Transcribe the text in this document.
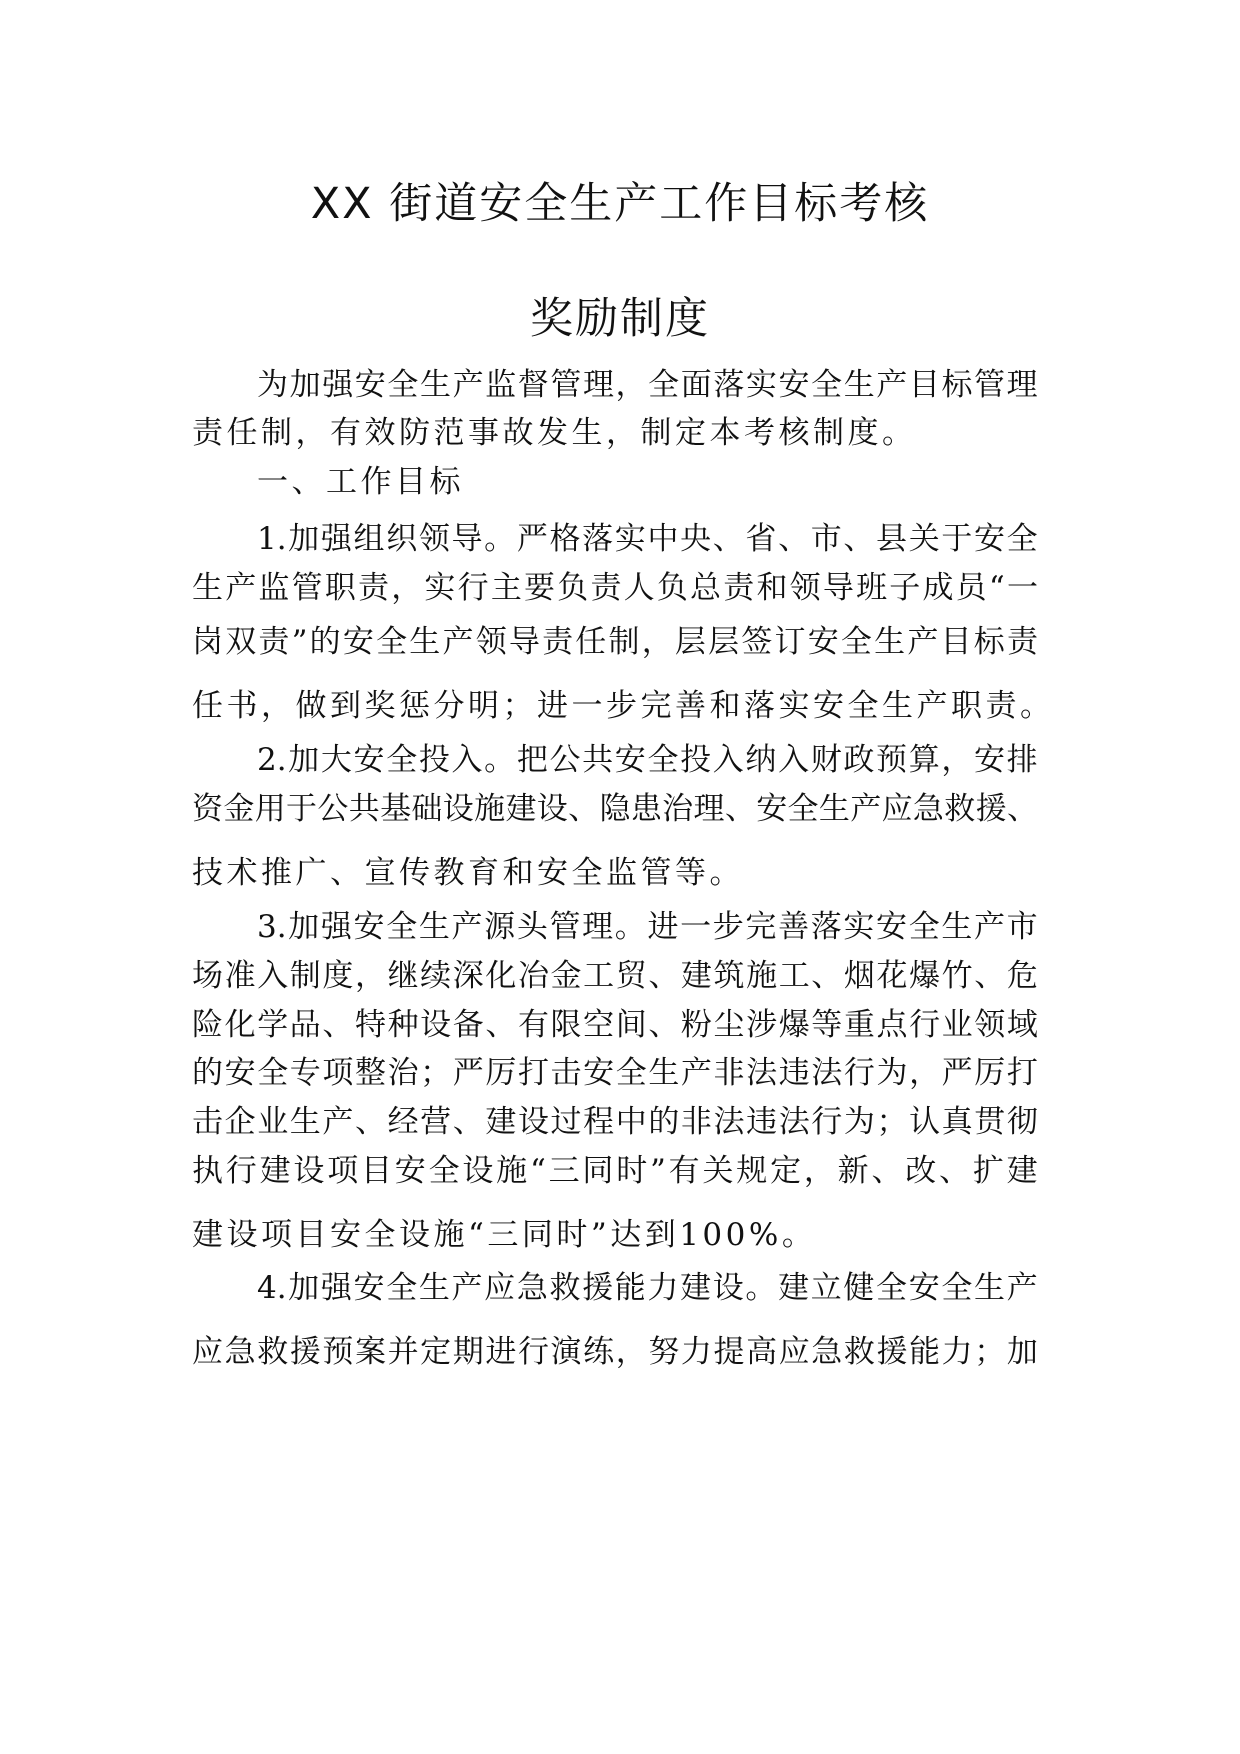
XX 街道安全生产工作目标考核
奖励制度
为 加 强 安 全 生 产 监 督 管 理 ， 全 面 落 实 安 全 生 产 目 标 管 理
责任制，有效防范事故发生，制定本考核制度。
一、工作目标
1. 加 强 组 织 领 导 。 严 格 落 实 中 央 、 省 、 市 、 县 关 于 安 全
生 产 监 管 职 责 ， 实 行 主 要 负 责 人 负 总 责 和 领 导 班 子 成 员 “ 一
岗 双 责 ” 的 安 全 生 产 领 导 责 任 制 ， 层 层 签 订 安 全 生 产 目 标 责
任书，做到奖惩分明；进一步完善和落实安全生产职责。
2. 加 大 安 全 投 入 。 把 公 共 安 全 投 入 纳 入 财 政 预 算 ， 安 排
资 金 用 于 公 共 基 础 设 施 建 设 、 隐 患 治 理 、 安 全 生 产 应 急 救 援 、
技术推广、宣传教育和安全监管等。
3. 加 强 安 全 生 产 源 头 管 理 。 进 一 步 完 善 落 实 安 全 生 产 市
场 准 入 制 度 ， 继 续 深 化 冶 金 工 贸 、 建 筑 施 工 、 烟 花 爆 竹 、 危
险 化 学 品 、 特 种 设 备 、 有 限 空 间 、 粉 尘 涉 爆 等 重 点 行 业 领 域
的 安 全 专 项 整 治 ； 严 厉 打 击 安 全 生 产 非 法 违 法 行 为 ， 严 厉 打
击 企 业 生 产 、 经 营 、 建 设 过 程 中 的 非 法 违 法 行 为 ； 认 真 贯 彻
执 行 建 设 项 目 安 全 设 施 “ 三 同 时 ” 有 关 规 定 ， 新 、 改 、 扩 建
建设项目安全设施“三同时”达到100%。
4. 加 强 安 全 生 产 应 急 救 援 能 力 建 设 。 建 立 健 全 安 全 生 产
应 急 救 援 预 案 并 定 期 进 行 演 练 ， 努 力 提 高 应 急 救 援 能 力 ； 加
